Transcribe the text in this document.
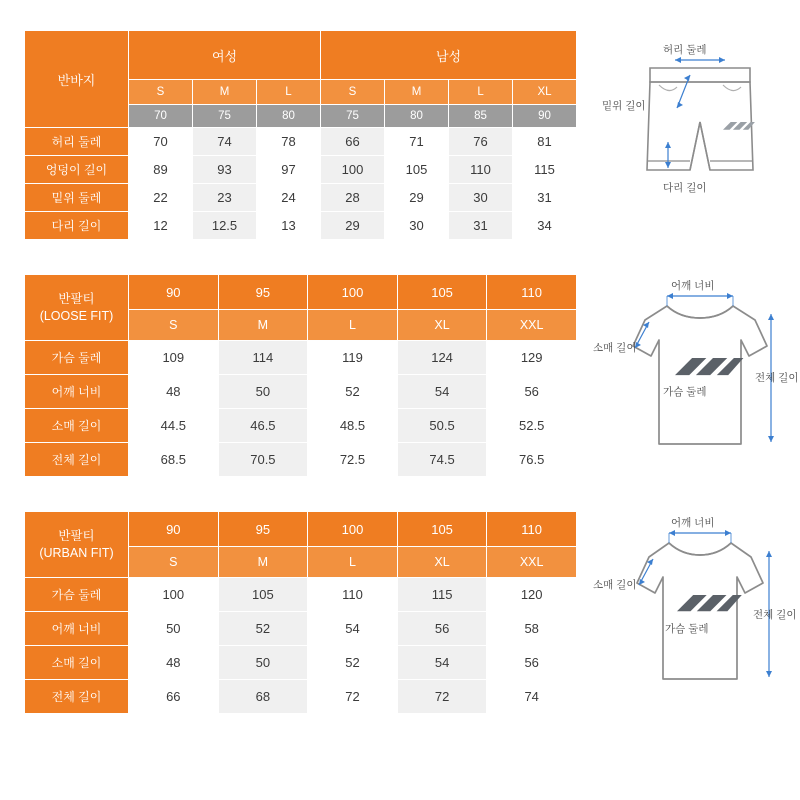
반바지	여성			남성			
	S	M	L	S	M	L	XL
	70	75	80	75	80	85	90
허리 둘레	70	74	78	66	71	76	81
엉덩이 길이	89	93	97	100	105	110	115
밑위 둘레	22	23	24	28	29	30	31
다리 길이	12	12.5	13	29	30	31	34
허리 둘레
밑위 길이
다리 길이
반팔티
(LOOSE FIT)	90	95	100	105	110
	S	M	L	XL	XXL
가슴 둘레	109	114	119	124	129
어깨 너비	48	50	52	54	56
소매 길이	44.5	46.5	48.5	50.5	52.5
전체 길이	68.5	70.5	72.5	74.5	76.5
어깨 너비
소매 길이
가슴 둘레
전체 길이
반팔티
(URBAN FIT)	90	95	100	105	110
	S	M	L	XL	XXL
가슴 둘레	100	105	110	115	120
어깨 너비	50	52	54	56	58
소매 길이	48	50	52	54	56
전체 길이	66	68	72	72	74
어깨 너비
소매 길이
가슴 둘레
전체 길이
